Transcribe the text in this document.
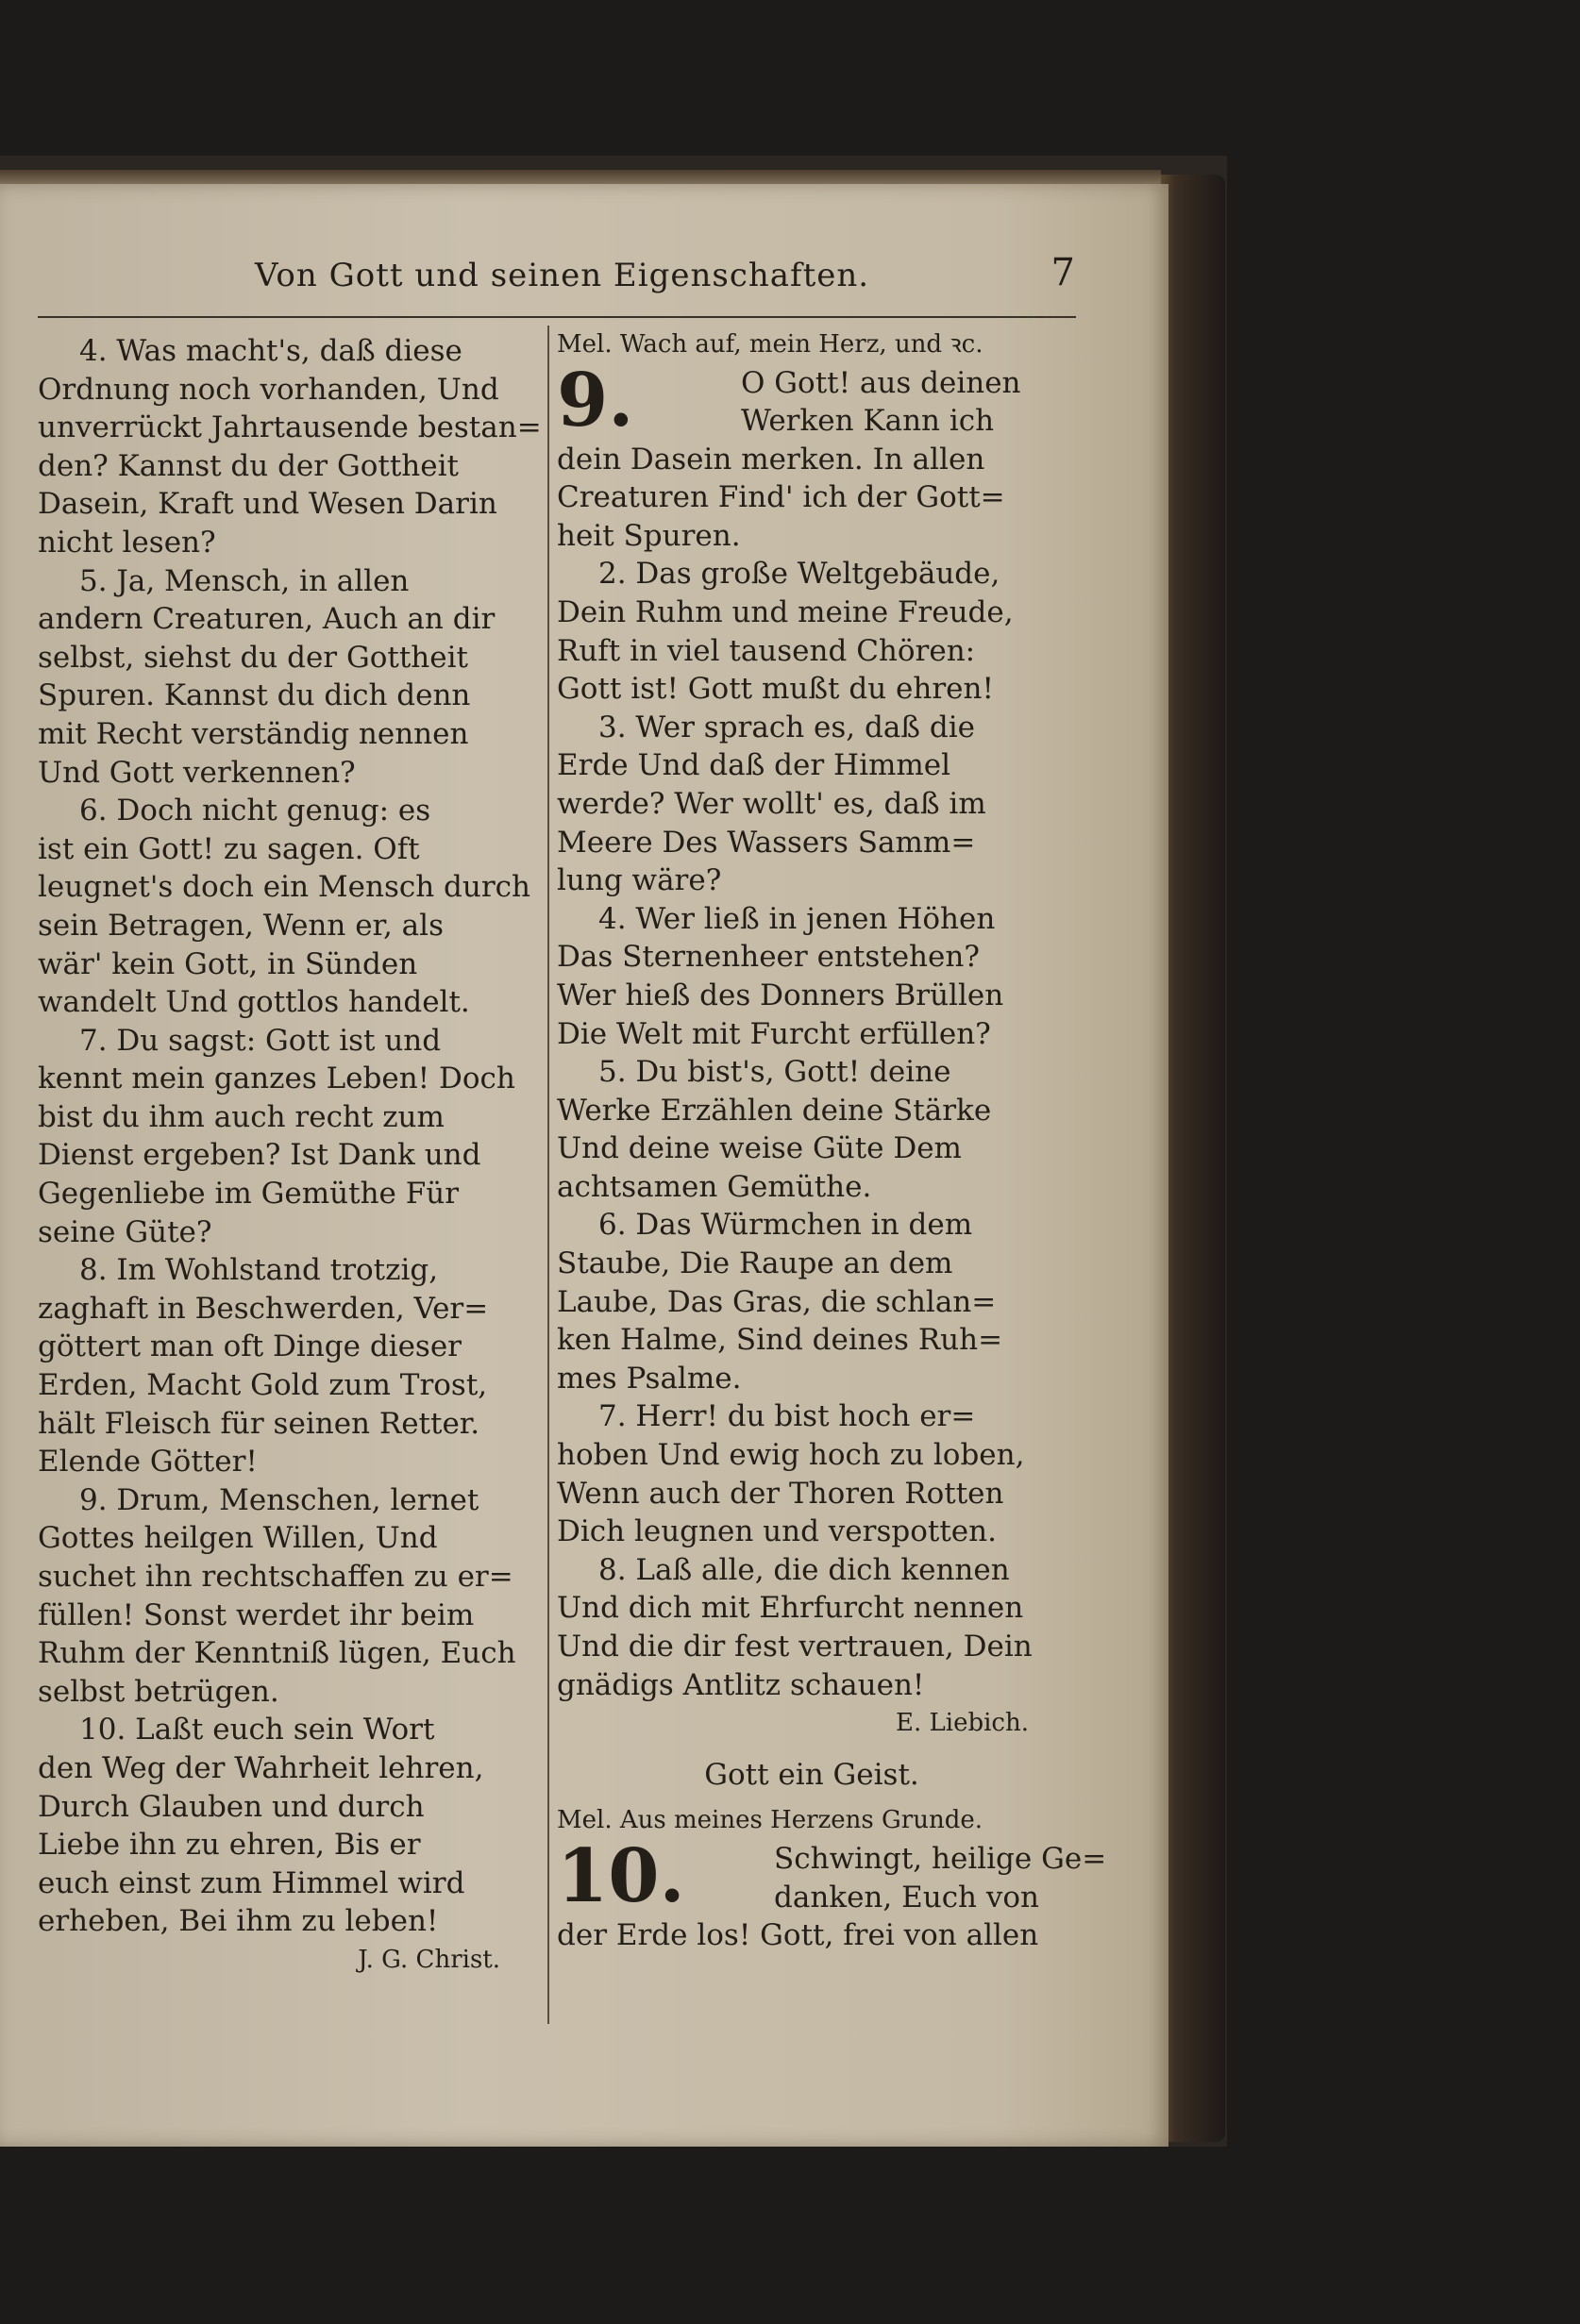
Von Gott und seinen Eigenschaften.	7
4. Was macht's, daß diese
Ordnung noch vorhanden, Und
unverrückt Jahrtausende bestan=
den? Kannst du der Gottheit
Dasein, Kraft und Wesen Darin
nicht lesen?
5. Ja, Mensch, in allen
andern Creaturen, Auch an dir
selbst, siehst du der Gottheit
Spuren. Kannst du dich denn
mit Recht verständig nennen
Und Gott verkennen?
6. Doch nicht genug: es
ist ein Gott! zu sagen. Oft
leugnet's doch ein Mensch durch
sein Betragen, Wenn er, als
wär' kein Gott, in Sünden
wandelt Und gottlos handelt.
7. Du sagst: Gott ist und
kennt mein ganzes Leben! Doch
bist du ihm auch recht zum
Dienst ergeben? Ist Dank und
Gegenliebe im Gemüthe Für
seine Güte?
8. Im Wohlstand trotzig,
zaghaft in Beschwerden, Ver=
göttert man oft Dinge dieser
Erden, Macht Gold zum Trost,
hält Fleisch für seinen Retter.
Elende Götter!
9. Drum, Menschen, lernet
Gottes heilgen Willen, Und
suchet ihn rechtschaffen zu er=
füllen! Sonst werdet ihr beim
Ruhm der Kenntniß lügen, Euch
selbst betrügen.
10. Laßt euch sein Wort
den Weg der Wahrheit lehren,
Durch Glauben und durch
Liebe ihn zu ehren, Bis er
euch einst zum Himmel wird
erheben, Bei ihm zu leben!
J. G. Christ.
Mel. Wach auf, mein Herz, und ꝛc.
9.	O Gott! aus deinen
Werken Kann ich
dein Dasein merken. In allen
Creaturen Find' ich der Gott=
heit Spuren.
2. Das große Weltgebäude,
Dein Ruhm und meine Freude,
Ruft in viel tausend Chören:
Gott ist! Gott mußt du ehren!
3. Wer sprach es, daß die
Erde Und daß der Himmel
werde? Wer wollt' es, daß im
Meere Des Wassers Samm=
lung wäre?
4. Wer ließ in jenen Höhen
Das Sternenheer entstehen?
Wer hieß des Donners Brüllen
Die Welt mit Furcht erfüllen?
5. Du bist's, Gott! deine
Werke Erzählen deine Stärke
Und deine weise Güte Dem
achtsamen Gemüthe.
6. Das Würmchen in dem
Staube, Die Raupe an dem
Laube, Das Gras, die schlan=
ken Halme, Sind deines Ruh=
mes Psalme.
7. Herr! du bist hoch er=
hoben Und ewig hoch zu loben,
Wenn auch der Thoren Rotten
Dich leugnen und verspotten.
8. Laß alle, die dich kennen
Und dich mit Ehrfurcht nennen
Und die dir fest vertrauen, Dein
gnädigs Antlitz schauen!
E. Liebich.
Gott ein Geist.
Mel. Aus meines Herzens Grunde.
10.	Schwingt, heilige Ge=
danken, Euch von
der Erde los! Gott, frei von allen
